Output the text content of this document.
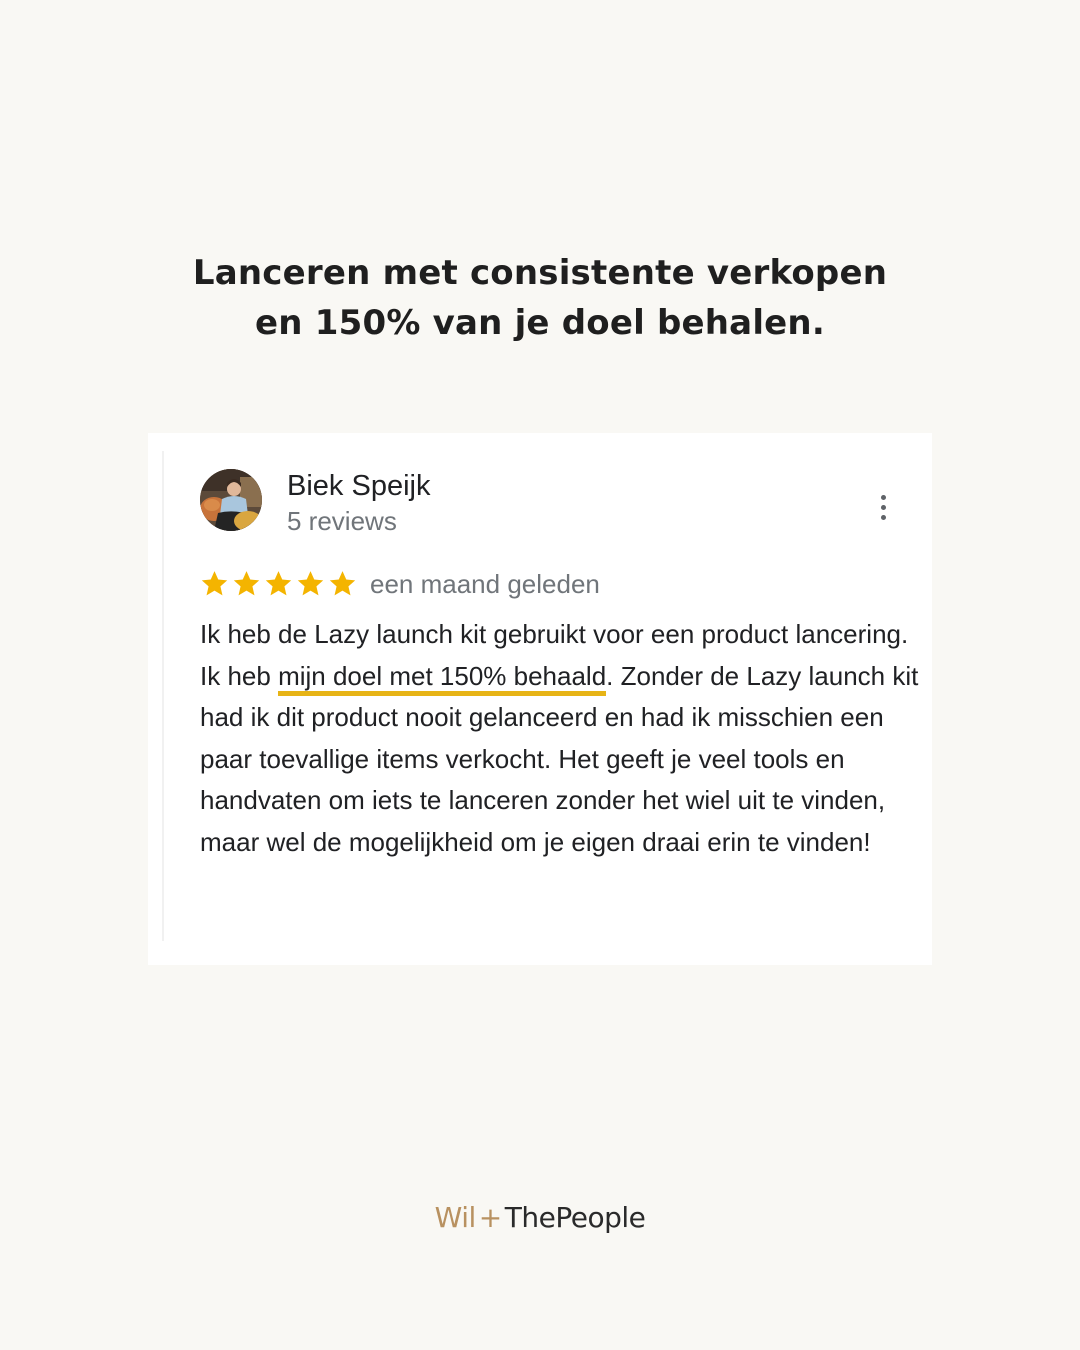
Lanceren met consistente verkopen
en 150% van je doel behalen.
Biek Speijk
5 reviews
een maand geleden

Ik heb de Lazy launch kit gebruikt voor een product lancering. Ik heb mijn doel met 150% behaald. Zonder de Lazy launch kit had ik dit product nooit gelanceerd en had ik misschien een paar toevallige items verkocht. Het geeft je veel tools en handvaten om iets te lanceren zonder het wiel uit te vinden, maar wel de mogelijkheid om je eigen draai erin te vinden!

Wil + ThePeople
